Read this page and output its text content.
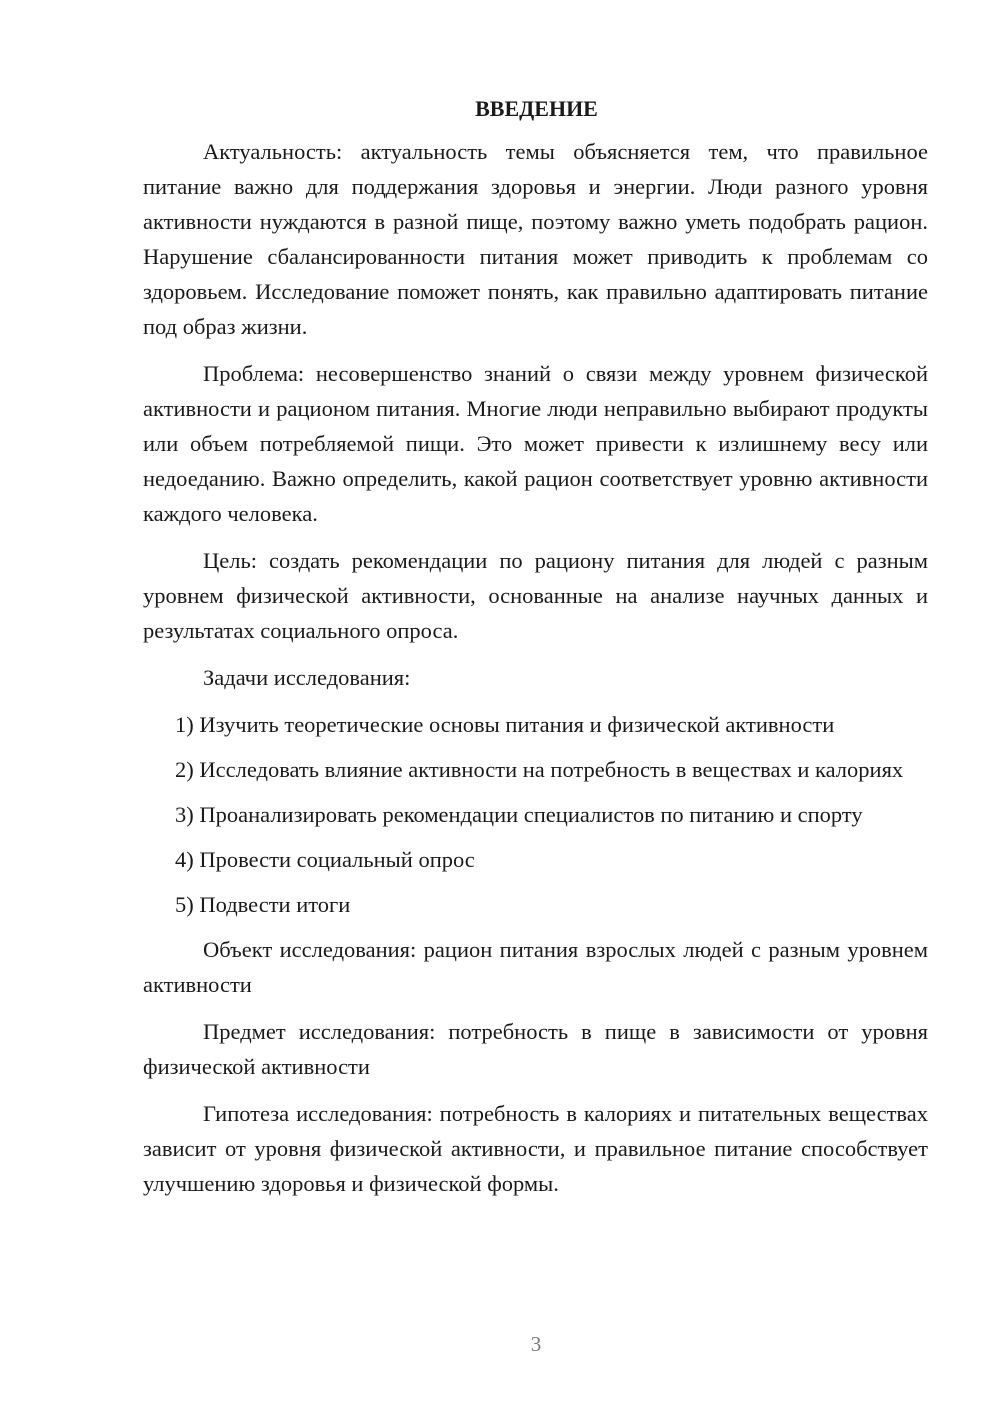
ВВЕДЕНИЕ

Актуальность: актуальность темы объясняется тем, что правильное питание важно для поддержания здоровья и энергии. Люди разного уровня активности нуждаются в разной пище, поэтому важно уметь подобрать рацион. Нарушение сбалансированности питания может приводить к проблемам со здоровьем. Исследование поможет понять, как правильно адаптировать питание под образ жизни.

Проблема: несовершенство знаний о связи между уровнем физической активности и рационом питания. Многие люди неправильно выбирают продукты или объем потребляемой пищи. Это может привести к излишнему весу или недоеданию. Важно определить, какой рацион соответствует уровню активности каждого человека.

Цель: создать рекомендации по рациону питания для людей с разным уровнем физической активности, основанные на анализе научных данных и результатах социального опроса.

Задачи исследования:

1) Изучить теоретические основы питания и физической активности

2) Исследовать влияние активности на потребность в веществах и калориях

3) Проанализировать рекомендации специалистов по питанию и спорту

4) Провести социальный опрос

5) Подвести итоги

Объект исследования: рацион питания взрослых людей с разным уровнем активности

Предмет исследования: потребность в пище в зависимости от уровня физической активности

Гипотеза исследования: потребность в калориях и питательных веществах зависит от уровня физической активности, и правильное питание способствует улучшению здоровья и физической формы.

3
